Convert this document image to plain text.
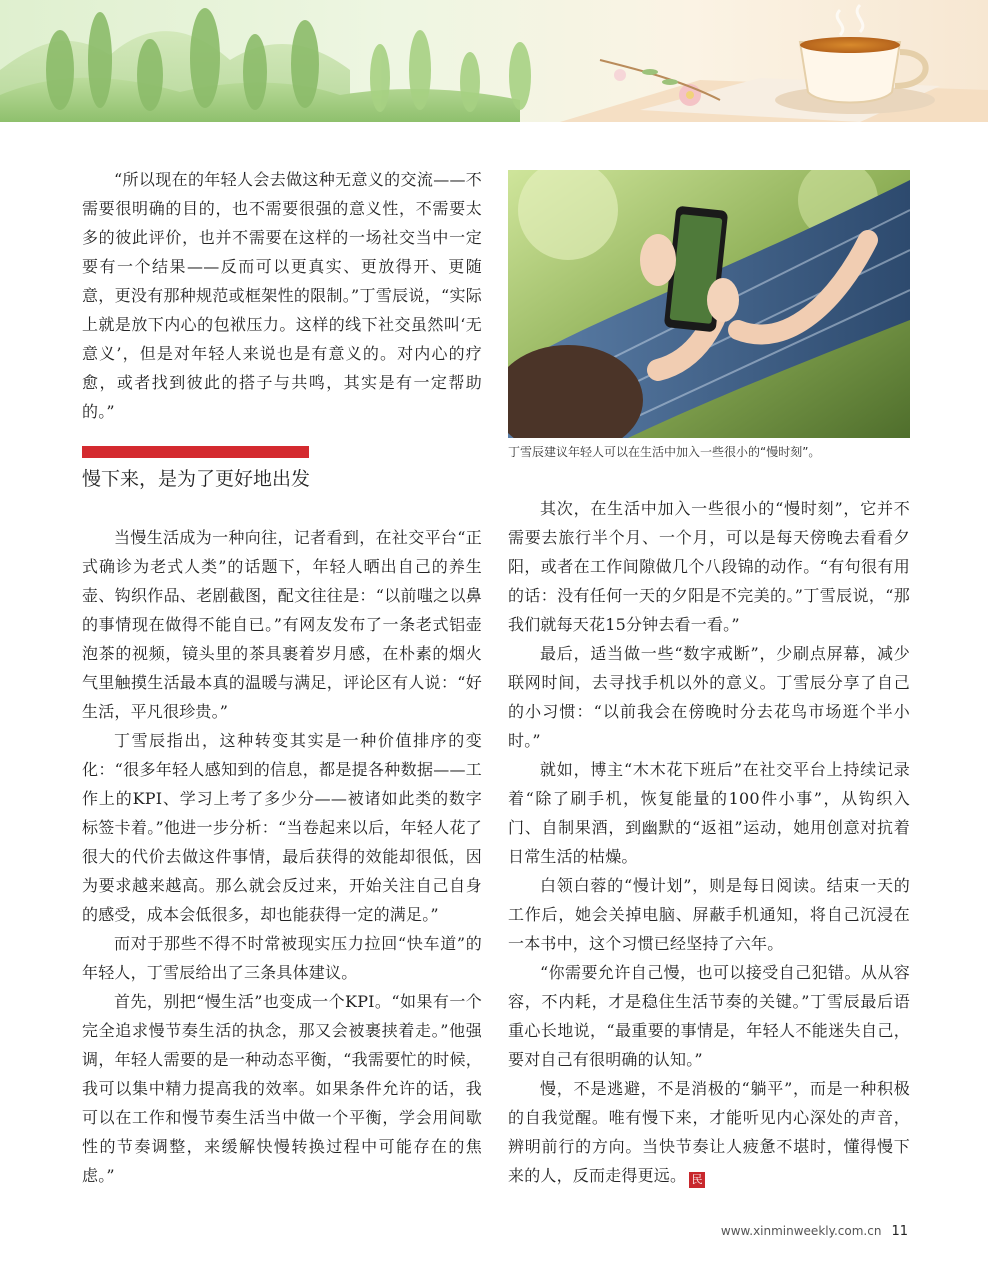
“所以现在的年轻人会去做这种无意义的交流——不需要很明确的目的，也不需要很强的意义性，不需要太多的彼此评价，也并不需要在这样的一场社交当中一定要有一个结果——反而可以更真实、更放得开、更随意，更没有那种规范或框架性的限制。”丁雪辰说，“实际上就是放下内心的包袱压力。这样的线下社交虽然叫‘无意义’，但是对年轻人来说也是有意义的。对内心的疗愈，或者找到彼此的搭子与共鸣，其实是有一定帮助的。”

慢下来，是为了更好地出发

当慢生活成为一种向往，记者看到，在社交平台“正式确诊为老式人类”的话题下，年轻人晒出自己的养生壶、钩织作品、老剧截图，配文往往是：“以前嗤之以鼻的事情现在做得不能自已。”有网友发布了一条老式铝壶泡茶的视频，镜头里的茶具裹着岁月感，在朴素的烟火气里触摸生活最本真的温暖与满足，评论区有人说：“好生活，平凡很珍贵。”

丁雪辰指出，这种转变其实是一种价值排序的变化：“很多年轻人感知到的信息，都是提各种数据——工作上的KPI、学习上考了多少分——被诸如此类的数字标签卡着。”他进一步分析：“当卷起来以后，年轻人花了很大的代价去做这件事情，最后获得的效能却很低，因为要求越来越高。那么就会反过来，开始关注自己自身的感受，成本会低很多，却也能获得一定的满足。”

而对于那些不得不时常被现实压力拉回“快车道”的年轻人，丁雪辰给出了三条具体建议。

首先，别把“慢生活”也变成一个KPI。“如果有一个完全追求慢节奏生活的执念，那又会被裹挟着走。”他强调，年轻人需要的是一种动态平衡，“我需要忙的时候，我可以集中精力提高我的效率。如果条件允许的话，我可以在工作和慢节奏生活当中做一个平衡，学会用间歇性的节奏调整，来缓解快慢转换过程中可能存在的焦虑。”

丁雪辰建议年轻人可以在生活中加入一些很小的“慢时刻”。

其次，在生活中加入一些很小的“慢时刻”，它并不需要去旅行半个月、一个月，可以是每天傍晚去看看夕阳，或者在工作间隙做几个八段锦的动作。“有句很有用的话：没有任何一天的夕阳是不完美的。”丁雪辰说，“那我们就每天花15分钟去看一看。”

最后，适当做一些“数字戒断”，少刷点屏幕，减少联网时间，去寻找手机以外的意义。丁雪辰分享了自己的小习惯：“以前我会在傍晚时分去花鸟市场逛个半小时。”

就如，博主“木木花下班后”在社交平台上持续记录着“除了刷手机，恢复能量的100件小事”，从钩织入门、自制果酒，到幽默的“返祖”运动，她用创意对抗着日常生活的枯燥。

白领白蓉的“慢计划”，则是每日阅读。结束一天的工作后，她会关掉电脑、屏蔽手机通知，将自己沉浸在一本书中，这个习惯已经坚持了六年。

“你需要允许自己慢，也可以接受自己犯错。从从容容，不内耗，才是稳住生活节奏的关键。”丁雪辰最后语重心长地说，“最重要的事情是，年轻人不能迷失自己，要对自己有很明确的认知。”

慢，不是逃避，不是消极的“躺平”，而是一种积极的自我觉醒。唯有慢下来，才能听见内心深处的声音，辨明前行的方向。当快节奏让人疲惫不堪时，懂得慢下来的人，反而走得更远。 民

www.xinminweekly.com.cn 11
